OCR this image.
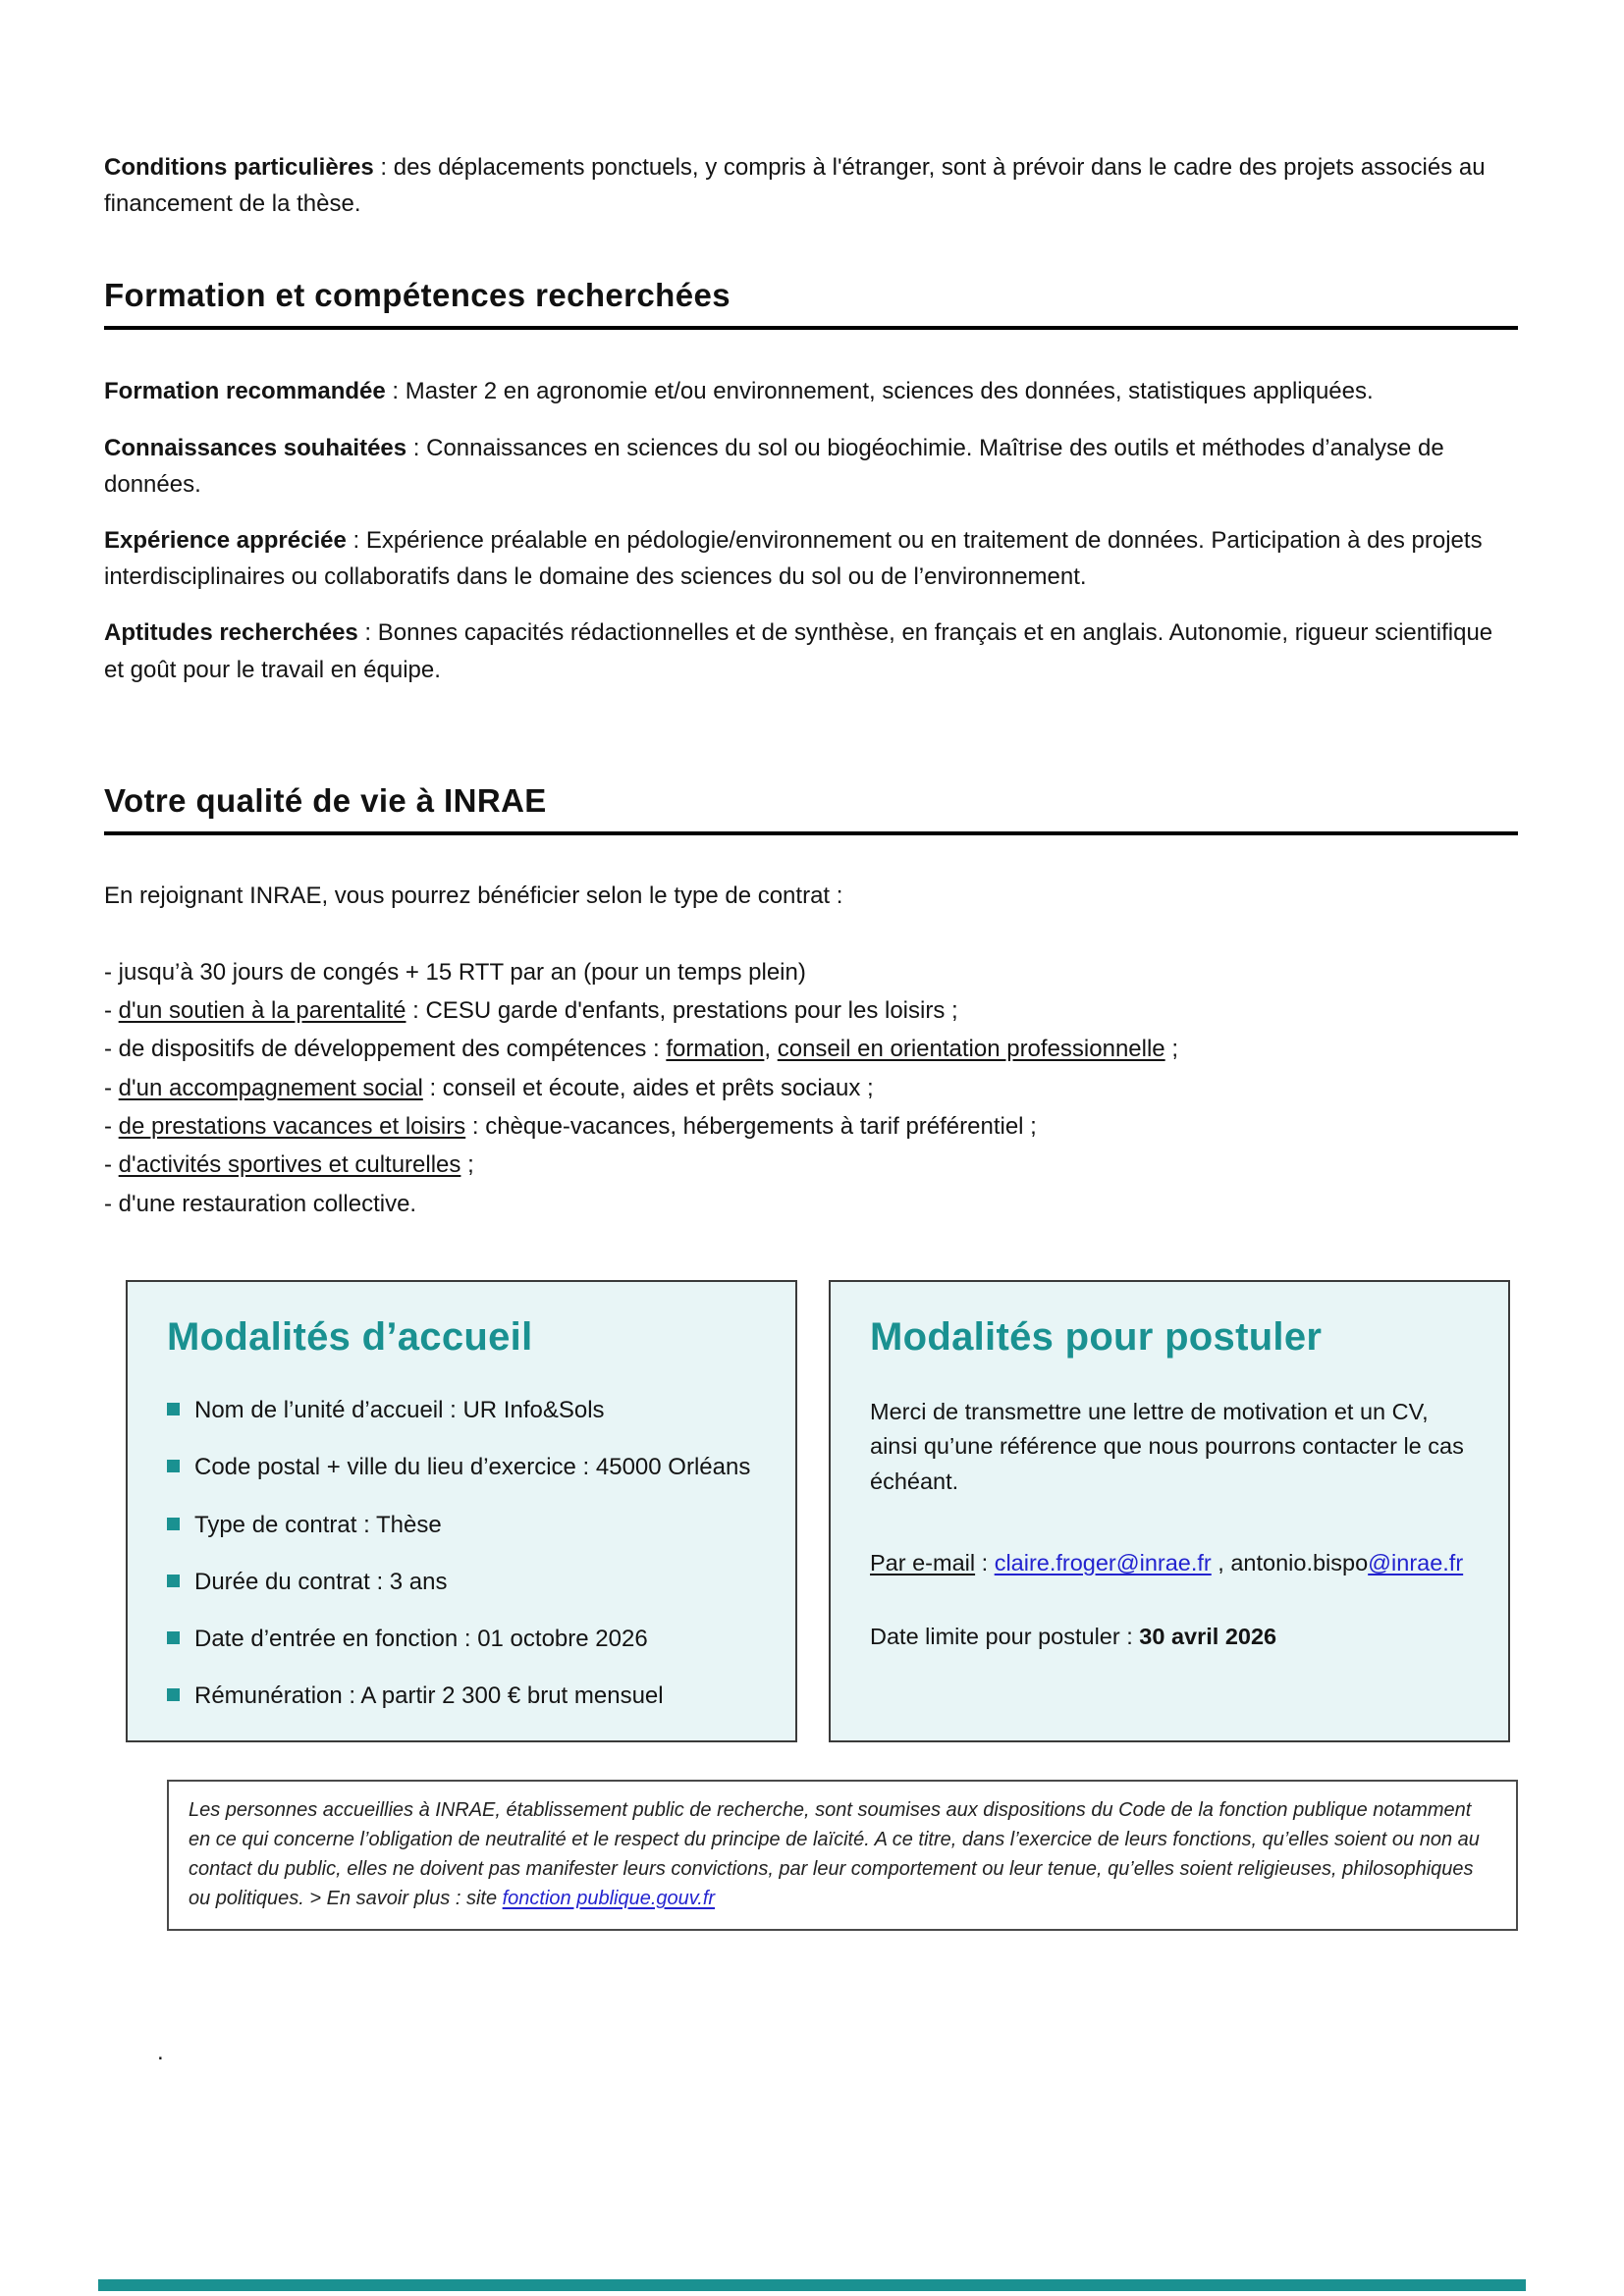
Conditions particulières : des déplacements ponctuels, y compris à l'étranger, sont à prévoir dans le cadre des projets associés au financement de la thèse.

Formation et compétences recherchées

Formation recommandée : Master 2 en agronomie et/ou environnement, sciences des données, statistiques appliquées.

Connaissances souhaitées : Connaissances en sciences du sol ou biogéochimie. Maîtrise des outils et méthodes d’analyse de données.

Expérience appréciée : Expérience préalable en pédologie/environnement ou en traitement de données. Participation à des projets interdisciplinaires ou collaboratifs dans le domaine des sciences du sol ou de l’environnement.

Aptitudes recherchées : Bonnes capacités rédactionnelles et de synthèse, en français et en anglais. Autonomie, rigueur scientifique et goût pour le travail en équipe.

Votre qualité de vie à INRAE

En rejoignant INRAE, vous pourrez bénéficier selon le type de contrat :

- jusqu’à 30 jours de congés + 15 RTT par an (pour un temps plein)
- d'un soutien à la parentalité : CESU garde d'enfants, prestations pour les loisirs ;
- de dispositifs de développement des compétences : formation, conseil en orientation professionnelle ;
- d'un accompagnement social : conseil et écoute, aides et prêts sociaux ;
- de prestations vacances et loisirs : chèque-vacances, hébergements à tarif préférentiel ;
- d'activités sportives et culturelles ;
- d'une restauration collective.
Modalités d’accueil
Nom de l’unité d’accueil : UR Info&Sols
Code postal + ville du lieu d’exercice : 45000 Orléans
Type de contrat : Thèse
Durée du contrat : 3 ans
Date d’entrée en fonction : 01 octobre 2026
Rémunération : A partir 2 300 € brut mensuel
Modalités pour postuler

Merci de transmettre une lettre de motivation et un CV, ainsi qu’une référence que nous pourrons contacter le cas échéant.

Par e-mail : claire.froger@inrae.fr , antonio.bispo@inrae.fr
Date limite pour postuler : 30 avril 2026
Les personnes accueillies à INRAE, établissement public de recherche, sont soumises aux dispositions du Code de la fonction publique notamment en ce qui concerne l’obligation de neutralité et le respect du principe de laïcité. A ce titre, dans l’exercice de leurs fonctions, qu’elles soient ou non au contact du public, elles ne doivent pas manifester leurs convictions, par leur comportement ou leur tenue, qu’elles soient religieuses, philosophiques ou politiques. > En savoir plus : site fonction publique.gouv.fr
.
